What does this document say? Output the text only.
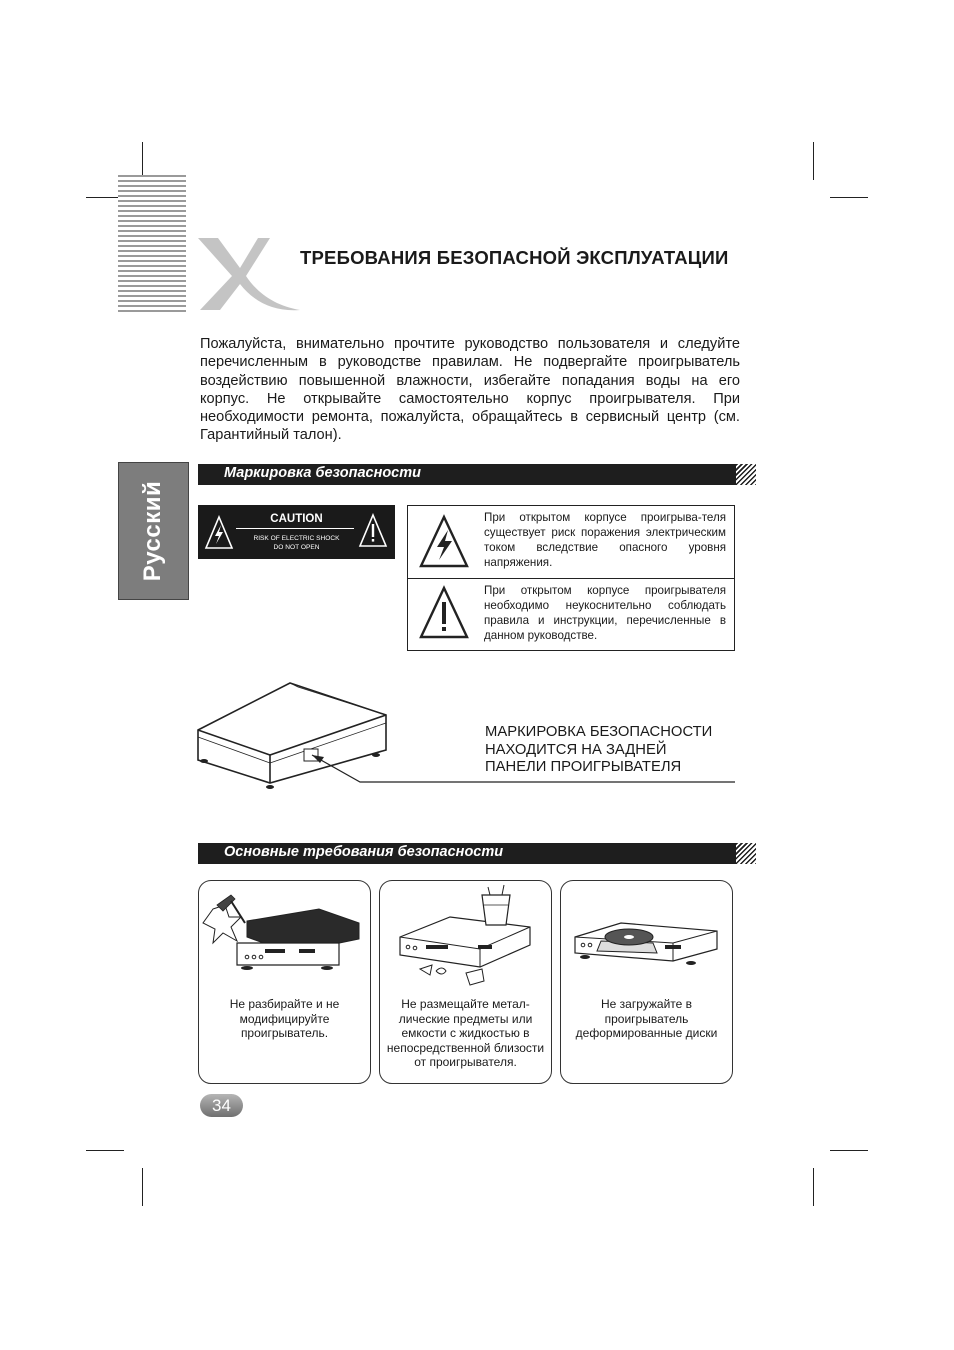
ТРЕБОВАНИЯ БЕЗОПАСНОЙ ЭКСПЛУАТАЦИИ

Пожалуйста, внимательно прочтите руководство пользователя и следуйте перечисленным в руководстве правилам. Не подвергайте проигрыватель воздействию повышенной влажности, избегайте попадания воды на его корпус. Не открывайте самостоятельно корпус проигрывателя. При необходимости ремонта, пожалуйста, обращайтесь в сервисный центр (см. Гарантийный талон).

Русский
Маркировка безопасности
CAUTION
RISK OF ELECTRIC SHOCK
DO NOT OPEN
При открытом корпусе проигрыва-теля существует риск поражения электрическим током вследствие опасного уровня напряжения.
При открытом корпусе проигрывателя необходимо неукоснительно соблюдать правила и инструкции, перечисленные в данном руководстве.
МАРКИРОВКА БЕЗОПАСНОСТИ
НАХОДИТСЯ НА ЗАДНЕЙ
ПАНЕЛИ ПРОИГРЫВАТЕЛЯ
Основные требования безопасности
Не разбирайте и не модифицируйте проигрыватель.
Не размещайте метал-лические предметы или емкости с жидкостью в непосредственной близости от проигрывателя.
Не загружайте в проигрыватель деформированные диски
34
